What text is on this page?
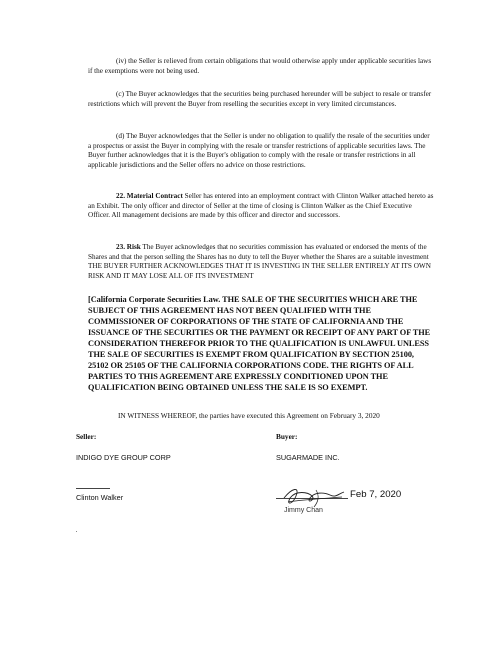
(iv) the Seller is relieved from certain obligations that would otherwise apply under applicable securities laws if the exemptions were not being used.

(c) The Buyer acknowledges that the securities being purchased hereunder will be subject to resale or transfer restrictions which will prevent the Buyer from reselling the securities except in very limited circumstances.

(d) The Buyer acknowledges that the Seller is under no obligation to qualify the resale of the securities under a prospectus or assist the Buyer in complying with the resale or transfer restrictions of applicable securities laws. The Buyer further acknowledges that it is the Buyer's obligation to comply with the resale or transfer restrictions in all applicable jurisdictions and the Seller offers no advice on those restrictions.

22. Material Contract Seller has entered into an employment contract with Clinton Walker attached hereto as an Exhibit. The only officer and director of Seller at the time of closing is Clinton Walker as the Chief Executive Officer. All management decisions are made by this officer and director and successors.

23. Risk The Buyer acknowledges that no securities commission has evaluated or endorsed the ments of the Shares and that the person selling the Shares has no duty to tell the Buyer whether the Shares are a suitable investment THE BUYER FURTHER ACKNOWLEDGES THAT IT IS INVESTING IN THE SELLER ENTIRELY AT ITS OWN RISK AND IT MAY LOSE ALL OF ITS INVESTMENT

[California Corporate Securities Law. THE SALE OF THE SECURITIES WHICH ARE THE SUBJECT OF THIS AGREEMENT HAS NOT BEEN QUALIFIED WITH THE COMMISSIONER OF CORPORATIONS OF THE STATE OF CALIFORNIA AND THE ISSUANCE OF THE SECURITIES OR THE PAYMENT OR RECEIPT OF ANY PART OF THE CONSIDERATION THEREFOR PRIOR TO THE QUALIFICATION IS UNLAWFUL UNLESS THE SALE OF SECURITIES IS EXEMPT FROM QUALIFICATION BY SECTION 25100, 25102 OR 25105 OF THE CALIFORNIA CORPORATIONS CODE. THE RIGHTS OF ALL PARTIES TO THIS AGREEMENT ARE EXPRESSLY CONDITIONED UPON THE QUALIFICATION BEING OBTAINED UNLESS THE SALE IS SO EXEMPT.

IN WITNESS WHEREOF, the parties have executed this Agreement on February 3, 2020
Seller:	Buyer:
INDIGO DYE GROUP CORP	SUGARMADE INC.
Clinton Walker	Feb 7, 2020
Jimmy Chan
